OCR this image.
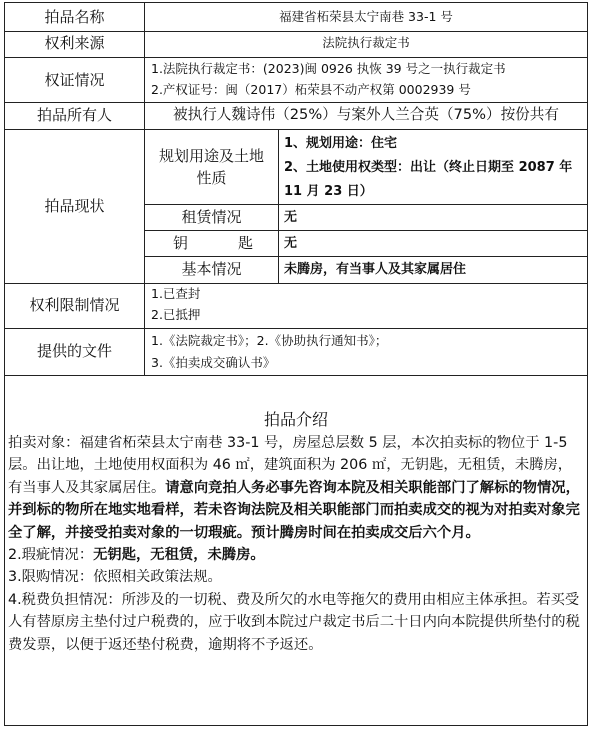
拍品名称
权利来源
权证情况
拍品所有人
拍品现状
权利限制情况
提供的文件
规划用途及土地
性质
租赁情况
钥	匙
基本情况
福建省柘荣县太宁南巷 33-1 号
法院执行裁定书
1.法院执行裁定书：(2023)闽 0926 执恢 39 号之一执行裁定书
2.产权证号：闽（2017）柘荣县不动产权第 0002939 号
被执行人魏诗伟（25%）与案外人兰合英（75%）按份共有
1、规划用途：住宅
2、土地使用权类型：出让（终止日期至 2087 年
11 月 23 日）
无
无
未腾房，有当事人及其家属居住
1.已查封
2.已抵押
1.《法院裁定书》；2.《协助执行通知书》；
3.《拍卖成交确认书》
拍品介绍

拍卖对象：福建省柘荣县太宁南巷 33-1 号，房屋总层数 5 层，本次拍卖标的物位于 1-5 层。出让地，土地使用权面积为 46 ㎡，建筑面积为 206 ㎡，无钥匙，无租赁，未腾房，有当事人及其家属居住。请意向竞拍人务必事先咨询本院及相关职能部门了解标的物情况，并到标的物所在地实地看样，若未咨询法院及相关职能部门而拍卖成交的视为对拍卖对象完全了解，并接受拍卖对象的一切瑕疵。预计腾房时间在拍卖成交后六个月。

2.瑕疵情况：无钥匙，无租赁，未腾房。

3.限购情况：依照相关政策法规。

4.税费负担情况：所涉及的一切税、费及所欠的水电等拖欠的费用由相应主体承担。若买受人有替原房主垫付过户税费的，应于收到本院过户裁定书后二十日内向本院提供所垫付的税费发票，以便于返还垫付税费，逾期将不予返还。
